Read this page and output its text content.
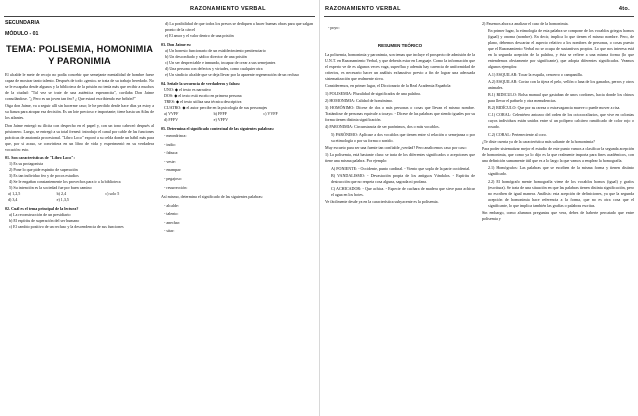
RAZONAMIENTO VERBAL
SECUNDARIA
MÓDULO - 01
TEMA: POLISEMIA, HOMONIMIA Y PARONIMIA

El alcalde le mete de recojo no podía concebir que semejante mentalidad de hombre fuese capaz de mostrar tanto talento. Después de todo «genio» se trata de su trabajo heredado. No se le escapaba desde algunos y la biblioteca de la prisión no tenía más que recibir a muchos de la ciudad: "Tal vez se trate de una auténtica esperancita", cavilaba Don Jaime consolándose. "¿ Pero es un joven tan feo? ¿ Que estará escribiendo ese bribón?"

Otga don Jaime, va a seguir allí sin hacerme caso; le he perdido desde hace días ya estoy a su fianza para atrapar esa decisión. Es un lote precioso e importante; tiene hasta un Atlas de los atlantes.

Don Jaime entregó su ilícita con despecho en el papel y, con un tono cabeceó después al prisionero. Luego, se entregó a su total frenesí: introdujo el canal por cable de las funciones prácticas de anatomía procesional. "Libro Loco" exporó a su celda donde un hábil más para que, por si acaso, se convirtiera en un libro de vida y experimentó en su verdadera vocación: esto.

01. Son características de "Libro Loco":
1) Es su protagonista
2) Pone lo que pide espinito de superación
3) Es tan individuo feo y de pocos estudios
4) Se le engañan constantemente los provechos para ir a la biblioteca
5) Su intención es la sociedad fue por buen camino
a) 1,2,5	b) 2,4	c) solo 5
d) 3,4	e) 1,3,5
02. Cuál es el tema principal de la lectura?
a) La reconstrucción de un presidiario
b) El espíritu de superación del ser humano
c) El cambio positivo de un recluso y la descendencia de sus funciones
d) La posibilidad de que todos los presos se dediquen a hacer buenas obras para que salgan pronto de la cárcel
e) El amor y el valor dentro de una prisión
03. Don Jaime es:
a) Un honesto funcionario de un establecimiento penitenciario
b) Un desconfiado y sádico director de una prisión
c) Un ser despreciable e inmundo, incapaz de crear a sus semejantes
d) Una persona con defectos y virtudes, como cualquier otra
e) Un sindicio alcalde que se deja llevar por la aparente regeneración de un recluso
04. Señale la secuencia de verdaderos y falsos:
UNO: ◆ el texto es narrativo
DOS: ◆ el texto está escrito en primera persona
TRES: ◆ el texto utiliza una técnica descriptiva
CUATRO: ◆ el autor percibe en la psicología de sus personajes
a) VVFF	b) FFFF	c) VVFF
d) FFFV	e) VFFV
05. Determina el significado contextual de las siguientes palabras:
- meondrinca:
- indio:
- fabuca:
- veste:
- enampar:
- pegajoso:
- resurrección:

Así mismo, determina el significado de las siguientes palabras:

- alcalde:
- talento:
- anechar:
- sitar:
RAZONAMIENTO VERBAL	4to.
- poyo:
RESUMEN TEÓRICO

La polisemia, homonimia y paronimia, son temas que incluye el prospecto de admisión de la U.N.T. en Razonamiento Verbal, y que deberás estar en Lenguaje. Como la información que el experto ve de es algunos veces vaga, superflua y además hay carencia de uniformidad de criterios, es necesario hacer un análisis exhaustivo previo a fin de lograr una adecuada sistematización que realmente sirva.

Consideremos, en primer lugar, el Diccionario de la Real Academia Española:

1) POLISEMIA: Pluralidad de significados de una palabra.
2) HOMONIMIA: Calidad de homónimo.
3) HOMÓNIMO: Dícese de dos o más personas o cosas que llevan el mismo nombre. Tratándose de personas equivale a tocayo. - Dícese de las palabras que siendo iguales por su forma tienen distinta significación.
4) PARONIMIA: Circunstancia de ser parónimos, dos o más vocablos.
5) PARÓNIMO: Aplícase a dos vocablos que tienen entre sí relación o semejanza o por su etimología o por su forma o sonido.

Muy escueto para ser una fuente tan confiable ¿verdad? Pero analicemos caso por caso:

1) La polisemia, está bastante clara: se trata de los diferentes significados o acepciones que tiene una misma palabra. Por ejemplo:

A) PONIENTE: - Occidente, punto cardinal. - Viento que sopla de la parte occidental.
B) VANDALISMO: - Devastación propia de los antiguos Vándalos. - Espíritu de destrucción que no respeta cosa alguna, sagrada ni profana.
C) ACHICADOR: - Que achica. - Especie de cuchara de madera que sirve para achicar el agua en los botes.

Ve fácilmente desde ya en la característica subyacente es la polisemia.

2) Pasemos ahora a analizar el caso de la homonimia.

En primer lugar, la etimología de esta palabra se compone de los vocablos griegos homos (igual) y onoma (nombre). En decir, implica lo que tienen el mismo nombre. Pero, de plano, debemos descartar el aspecto relativo a los nombres de personas, o cosas puesto que el Razonamiento Verbal no se ocupa de sustantivos propios. Lo que nos interesa está en la segunda acepción de la palabra, y ésta se refiere a una misma forma (lo que entendemos obviamente por significante), que adopta diferentes significados. Veamos algunos ejemplos:

A.1) ESQUILAR: Tocar la esquila, cencerro o campanilla.
A.2) ESQUILAR: Cortar con la tijera el pelo, vellón o lana de los ganados, perros y otros animales.
B.1) RIDICULO: Bolsa manual que gastaban de unos cordones, hacia donde los chinos para llevar el pañuelo y otra menudencias.
B.2) RIDÍCULO: Que por su rareza o extravagancia mueve o puede mover a risa.
C.1) CORAL: Celentéreo antozoo del orden de los octocoraliarios, que vive en colonias cuyos individuos están unidos entre sí un polipero calcáreo ramificado de color rojo o rosado.
C.2) CORAL: Perteneciente al coro.

¿Te diste cuenta ya de la característica más saltante de la homonimia?

Para poder sistematizar mejor el estudio de este punto vamos a clasificar la segunda acepción de homonimia, que como ya lo dijo es la que realmente importa para fines académicos, con una definición sumamente útil que es a lo largo la que vamos a emplear la homografía.

2.1) Homógrafos: Las palabras que se escriben de la misma forma y tienen distinto significado.
2.2) El homógrafo mente homografía viene de los vocablos homos (igual) y grafos (escritura). Se trata de una situación en que las palabras tienen distinta significación, pero no escriben de igual manera. Análisis: esta acepción de definiciones, ya que la segunda acepción de homonimia hace referencia a la forma, que no es otra cosa que el significante, lo que implica también las grafías o palabras escritas.

Sin embargo, como alumnos preguntas que vera, debes de haberte percatado que entre polisemia y
